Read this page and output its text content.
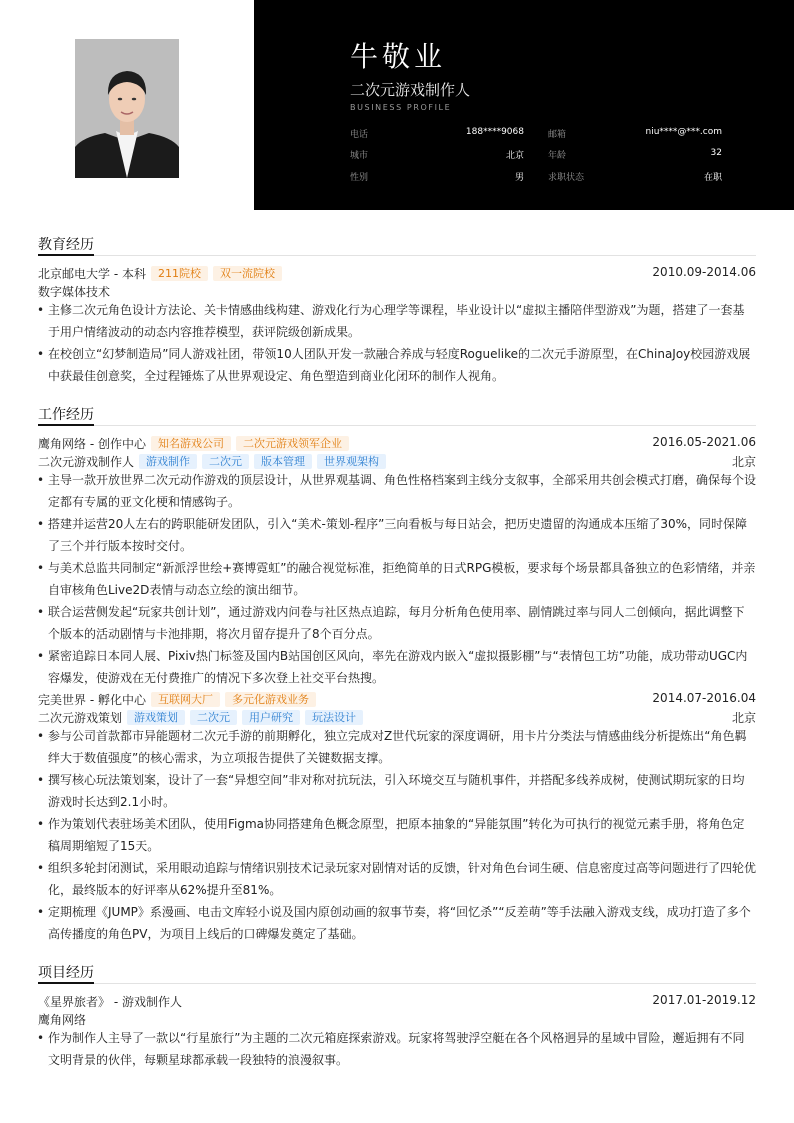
牛敬业
二次元游戏制作人
BUSINESS PROFILE
电话	188****9068	邮箱	niu****@***.com
城市	北京	年龄	32
性别	男	求职状态	在职
教育经历
北京邮电大学 - 本科 211院校 双一流院校	2010.09-2014.06
数字媒体技术
• 主修二次元角色设计方法论、关卡情感曲线构建、游戏化行为心理学等课程，毕业设计以“虚拟主播陪伴型游戏”为题，搭建了一套基于用户情绪波动的动态内容推荐模型，获评院级创新成果。
• 在校创立“幻梦制造局”同人游戏社团，带领10人团队开发一款融合养成与轻度Roguelike的二次元手游原型，在ChinaJoy校园游戏展中获最佳创意奖，全过程锤炼了从世界观设定、角色塑造到商业化闭环的制作人视角。
工作经历
鹰角网络 - 创作中心 知名游戏公司 二次元游戏领军企业	2016.05-2021.06
二次元游戏制作人 游戏制作 二次元 版本管理 世界观架构	北京
• 主导一款开放世界二次元动作游戏的顶层设计，从世界观基调、角色性格档案到主线分支叙事，全部采用共创会模式打磨，确保每个设定都有专属的亚文化梗和情感钩子。
• 搭建并运营20人左右的跨职能研发团队，引入“美术-策划-程序”三向看板与每日站会，把历史遗留的沟通成本压缩了30%，同时保障了三个并行版本按时交付。
• 与美术总监共同制定“新派浮世绘+赛博霓虹”的融合视觉标准，拒绝简单的日式RPG模板，要求每个场景都具备独立的色彩情绪，并亲自审核角色Live2D表情与动态立绘的演出细节。
• 联合运营侧发起“玩家共创计划”，通过游戏内问卷与社区热点追踪，每月分析角色使用率、剧情跳过率与同人二创倾向，据此调整下个版本的活动剧情与卡池排期，将次月留存提升了8个百分点。
• 紧密追踪日本同人展、Pixiv热门标签及国内B站国创区风向，率先在游戏内嵌入“虚拟摄影棚”与“表情包工坊”功能，成功带动UGC内容爆发，使游戏在无付费推广的情况下多次登上社交平台热搜。
完美世界 - 孵化中心 互联网大厂 多元化游戏业务	2014.07-2016.04
二次元游戏策划 游戏策划 二次元 用户研究 玩法设计	北京
• 参与公司首款都市异能题材二次元手游的前期孵化，独立完成对Z世代玩家的深度调研，用卡片分类法与情感曲线分析提炼出“角色羁绊大于数值强度”的核心需求，为立项报告提供了关键数据支撑。
• 撰写核心玩法策划案，设计了一套“异想空间”非对称对抗玩法，引入环境交互与随机事件，并搭配多线养成树，使测试期玩家的日均游戏时长达到2.1小时。
• 作为策划代表驻场美术团队，使用Figma协同搭建角色概念原型，把原本抽象的“异能氛围”转化为可执行的视觉元素手册，将角色定稿周期缩短了15天。
• 组织多轮封闭测试，采用眼动追踪与情绪识别技术记录玩家对剧情对话的反馈，针对角色台词生硬、信息密度过高等问题进行了四轮优化，最终版本的好评率从62%提升至81%。
• 定期梳理《JUMP》系漫画、电击文库轻小说及国内原创动画的叙事节奏，将“回忆杀”“反差萌”等手法融入游戏支线，成功打造了多个高传播度的角色PV，为项目上线后的口碑爆发奠定了基础。
项目经历
《星界旅者》 - 游戏制作人	2017.01-2019.12
鹰角网络
• 作为制作人主导了一款以“行星旅行”为主题的二次元箱庭探索游戏。玩家将驾驶浮空艇在各个风格迥异的星域中冒险，邂逅拥有不同文明背景的伙伴，每颗星球都承载一段独特的浪漫叙事。
